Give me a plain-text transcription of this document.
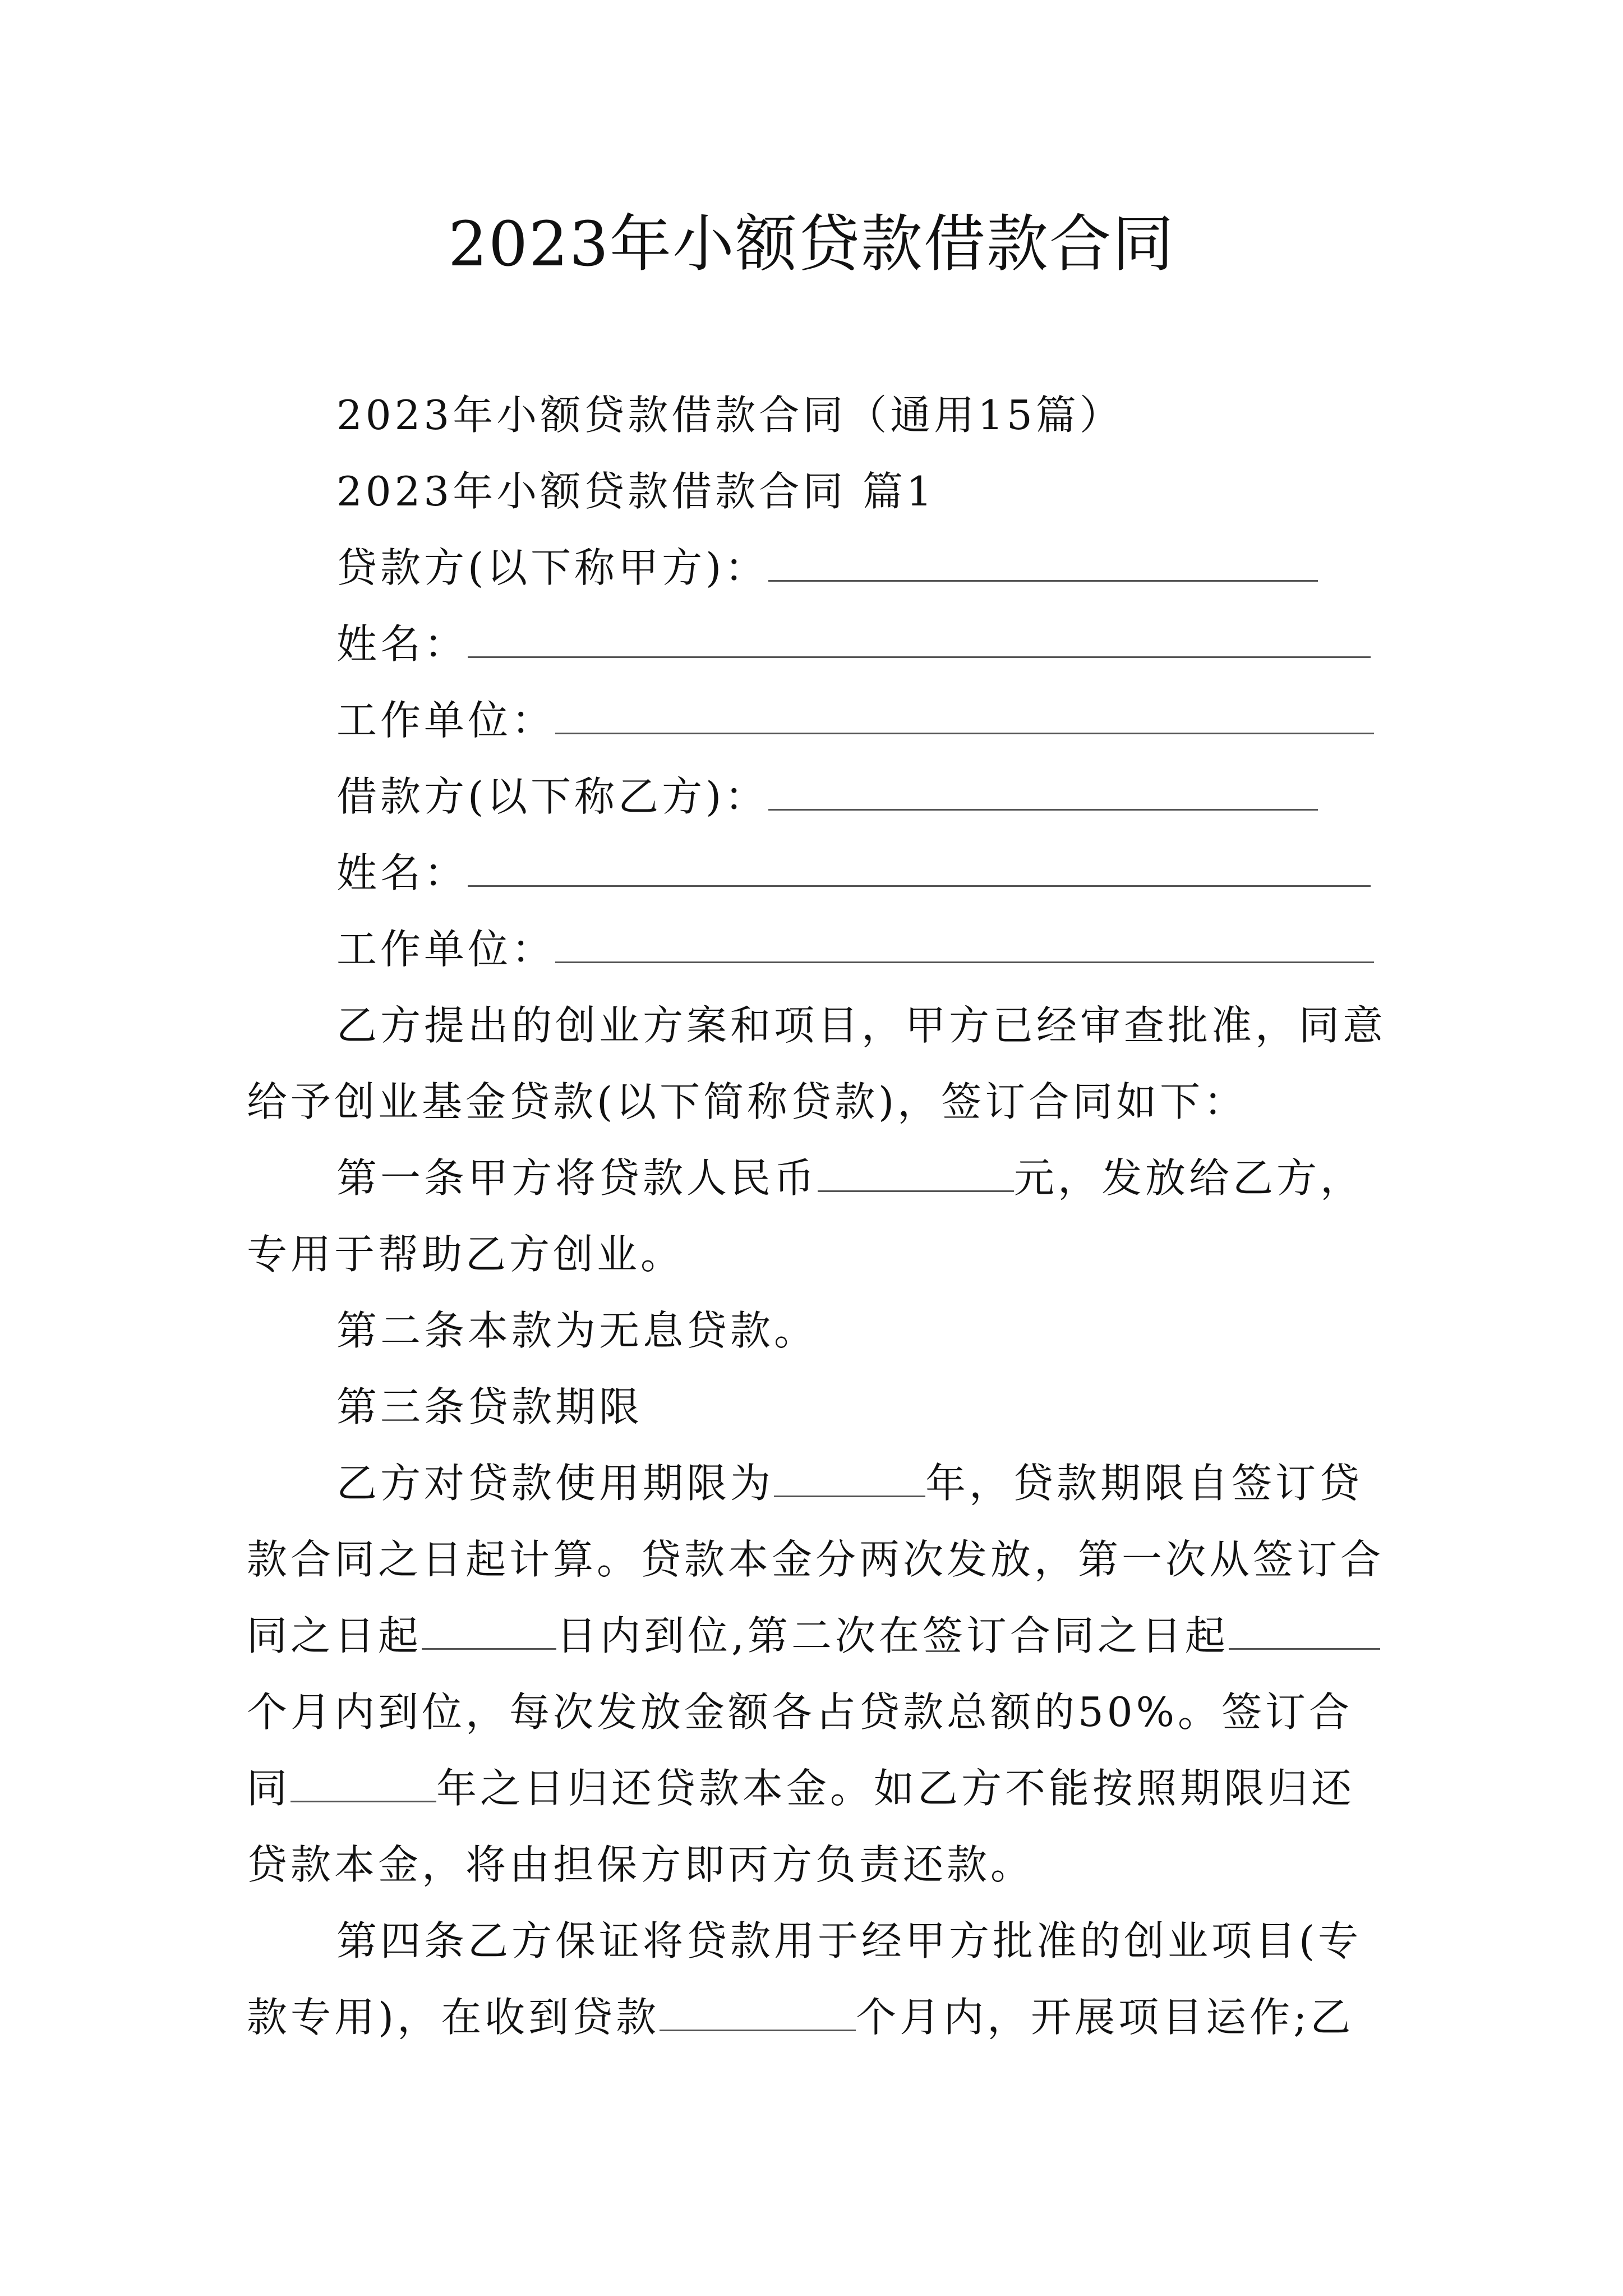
2023年小额贷款借款合同

2023年小额贷款借款合同（通用15篇）

2023年小额贷款借款合同 篇1

贷款方(以下称甲方)：

姓名：

工作单位：

借款方(以下称乙方)：

姓名：

工作单位：

乙方提出的创业方案和项目，甲方已经审查批准，同意给予创业基金贷款(以下简称贷款)，签订合同如下：

第一条甲方将贷款人民币	元，发放给乙方，专用于帮助乙方创业。

第二条本款为无息贷款。

第三条贷款期限

乙方对贷款使用期限为	年，贷款期限自签订贷款合同之日起计算。贷款本金分两次发放，第一次从签订合同之日起	日内到位,第二次在签订合同之日起个月内到位，每次发放金额各占贷款总额的50%。签订合同	年之日归还贷款本金。如乙方不能按照期限归还贷款本金，将由担保方即丙方负责还款。

第四条乙方保证将贷款用于经甲方批准的创业项目(专款专用)，在收到贷款	个月内，开展项目运作;乙
